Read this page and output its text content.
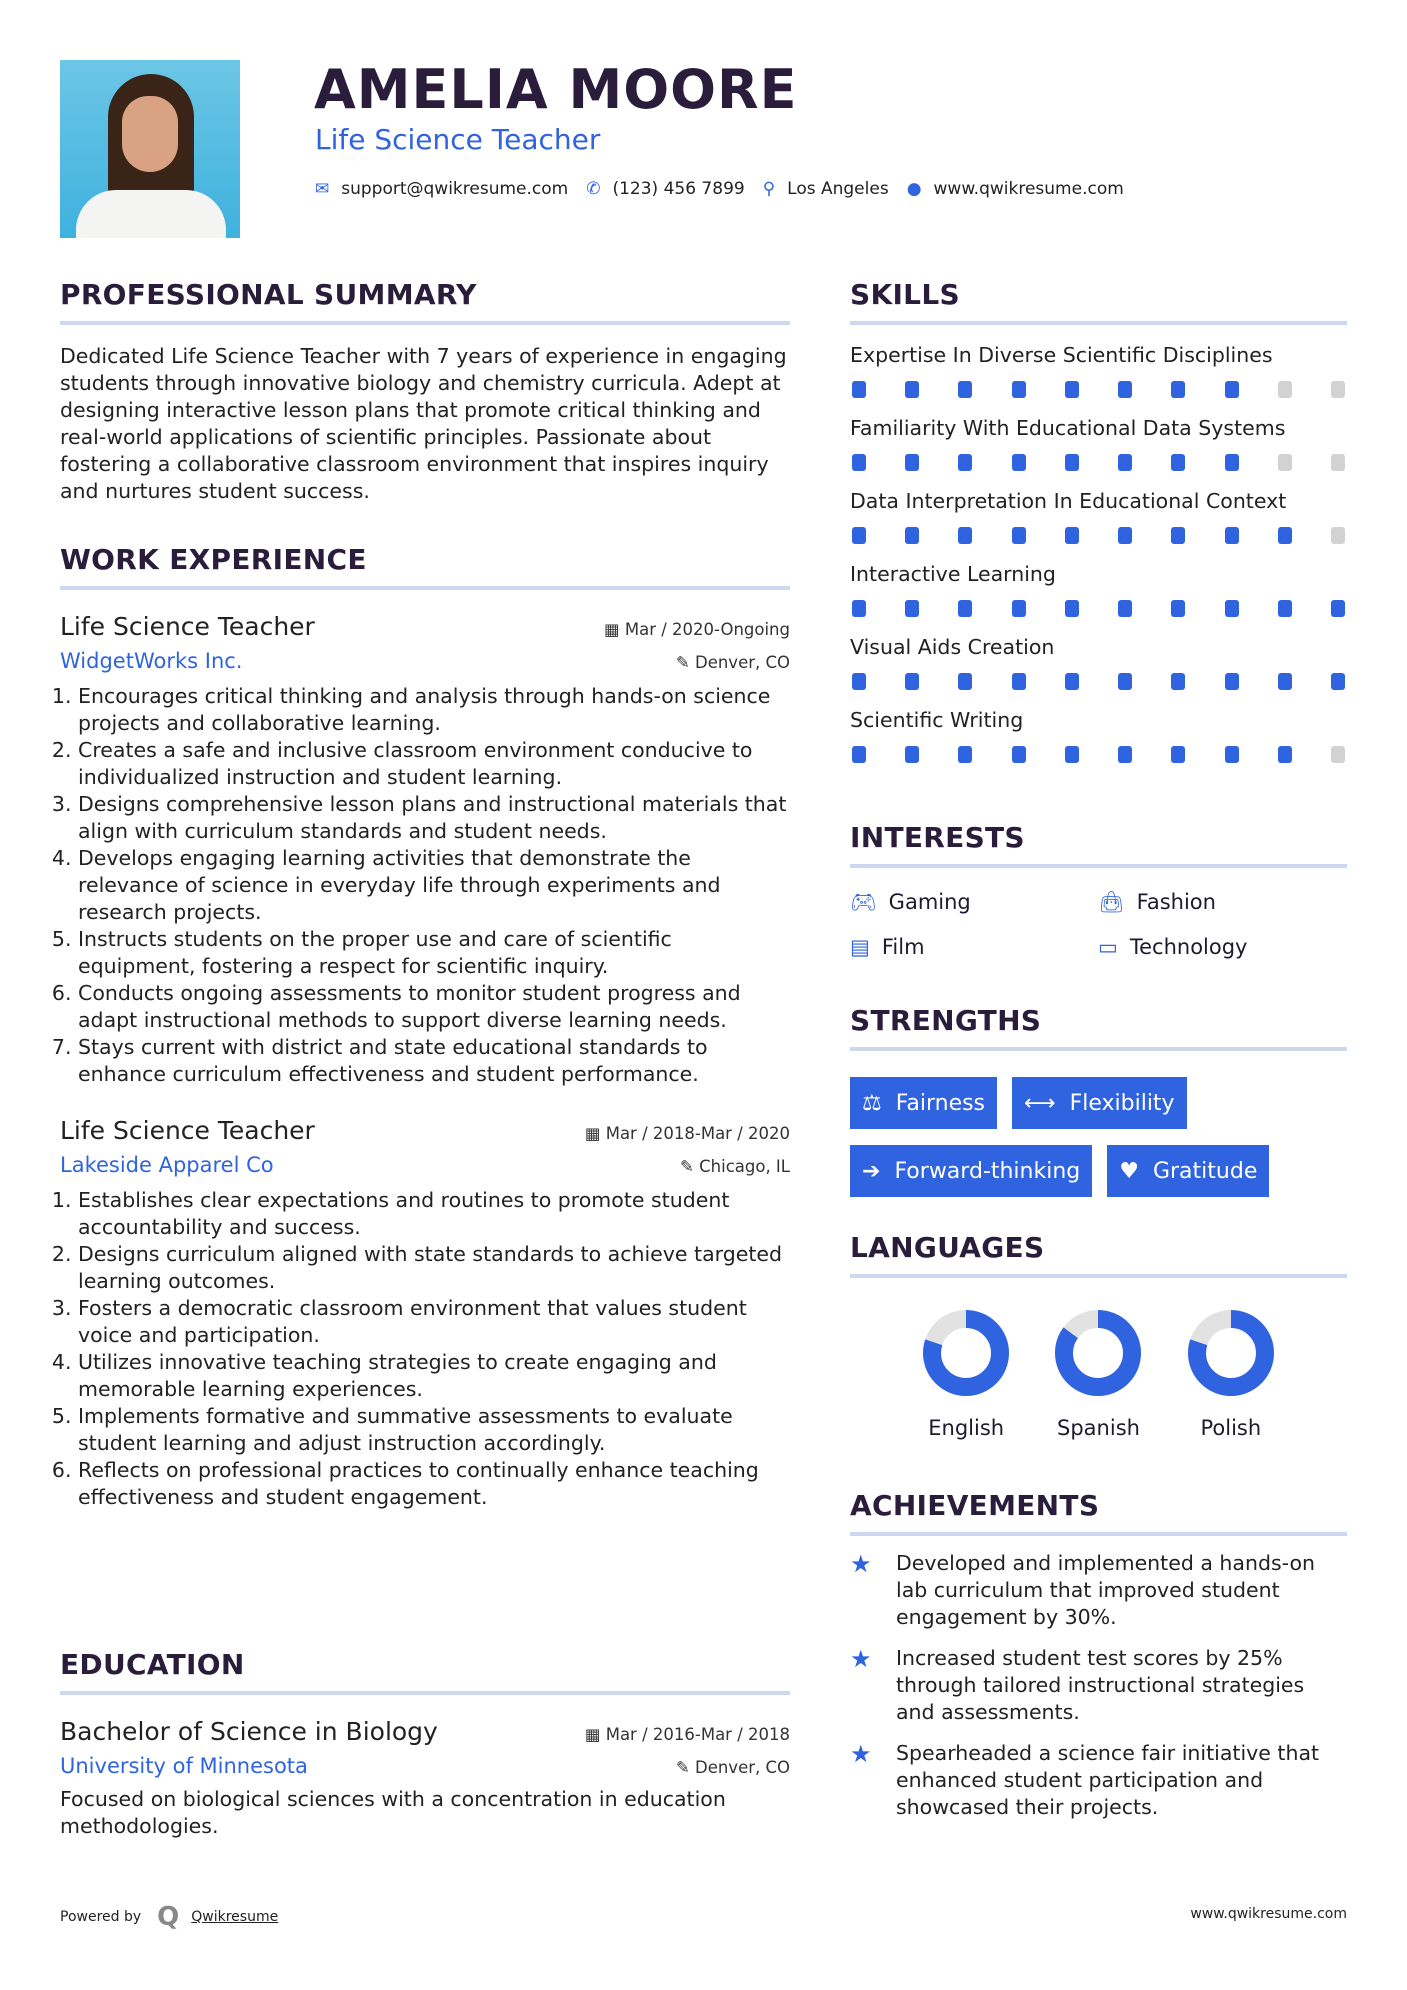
AMELIA MOORE
Life Science Teacher
✉ support@qwikresume.com ✆ (123) 456 7899 ⚲ Los Angeles ● www.qwikresume.com
PROFESSIONAL SUMMARY

Dedicated Life Science Teacher with 7 years of experience in engaging students through innovative biology and chemistry curricula. Adept at designing interactive lesson plans that promote critical thinking and real-world applications of scientific principles. Passionate about fostering a collaborative classroom environment that inspires inquiry and nurtures student success.

WORK EXPERIENCE
Life Science Teacher	▦ Mar / 2020-Ongoing
WidgetWorks Inc.	✎ Denver, CO
1. Encourages critical thinking and analysis through hands-on science projects and collaborative learning.
2. Creates a safe and inclusive classroom environment conducive to individualized instruction and student learning.
3. Designs comprehensive lesson plans and instructional materials that align with curriculum standards and student needs.
4. Develops engaging learning activities that demonstrate the relevance of science in everyday life through experiments and research projects.
5. Instructs students on the proper use and care of scientific equipment, fostering a respect for scientific inquiry.
6. Conducts ongoing assessments to monitor student progress and adapt instructional methods to support diverse learning needs.
7. Stays current with district and state educational standards to enhance curriculum effectiveness and student performance.
Life Science Teacher	▦ Mar / 2018-Mar / 2020
Lakeside Apparel Co	✎ Chicago, IL
1. Establishes clear expectations and routines to promote student accountability and success.
2. Designs curriculum aligned with state standards to achieve targeted learning outcomes.
3. Fosters a democratic classroom environment that values student voice and participation.
4. Utilizes innovative teaching strategies to create engaging and memorable learning experiences.
5. Implements formative and summative assessments to evaluate student learning and adjust instruction accordingly.
6. Reflects on professional practices to continually enhance teaching effectiveness and student engagement.
EDUCATION
Bachelor of Science in Biology	▦ Mar / 2016-Mar / 2018
University of Minnesota	✎ Denver, CO

Focused on biological sciences with a concentration in education methodologies.

SKILLS
Expertise In Diverse Scientific Disciplines
Familiarity With Educational Data Systems
Data Interpretation In Educational Context
Interactive Learning
Visual Aids Creation
Scientific Writing
INTERESTS
🎮︎ Gaming	👜︎ Fashion
▤ Film	▭ Technology
STRENGTHS
⚖ Fairness ⟷ Flexibility
➔ Forward-thinking ♥ Gratitude
LANGUAGES
English	Spanish	Polish
ACHIEVEMENTS
★	Developed and implemented a hands-on lab curriculum that improved student engagement by 30%.
★	Increased student test scores by 25% through tailored instructional strategies and assessments.
★	Spearheaded a science fair initiative that enhanced student participation and showcased their projects.
Powered by Q Qwikresume	www.qwikresume.com
